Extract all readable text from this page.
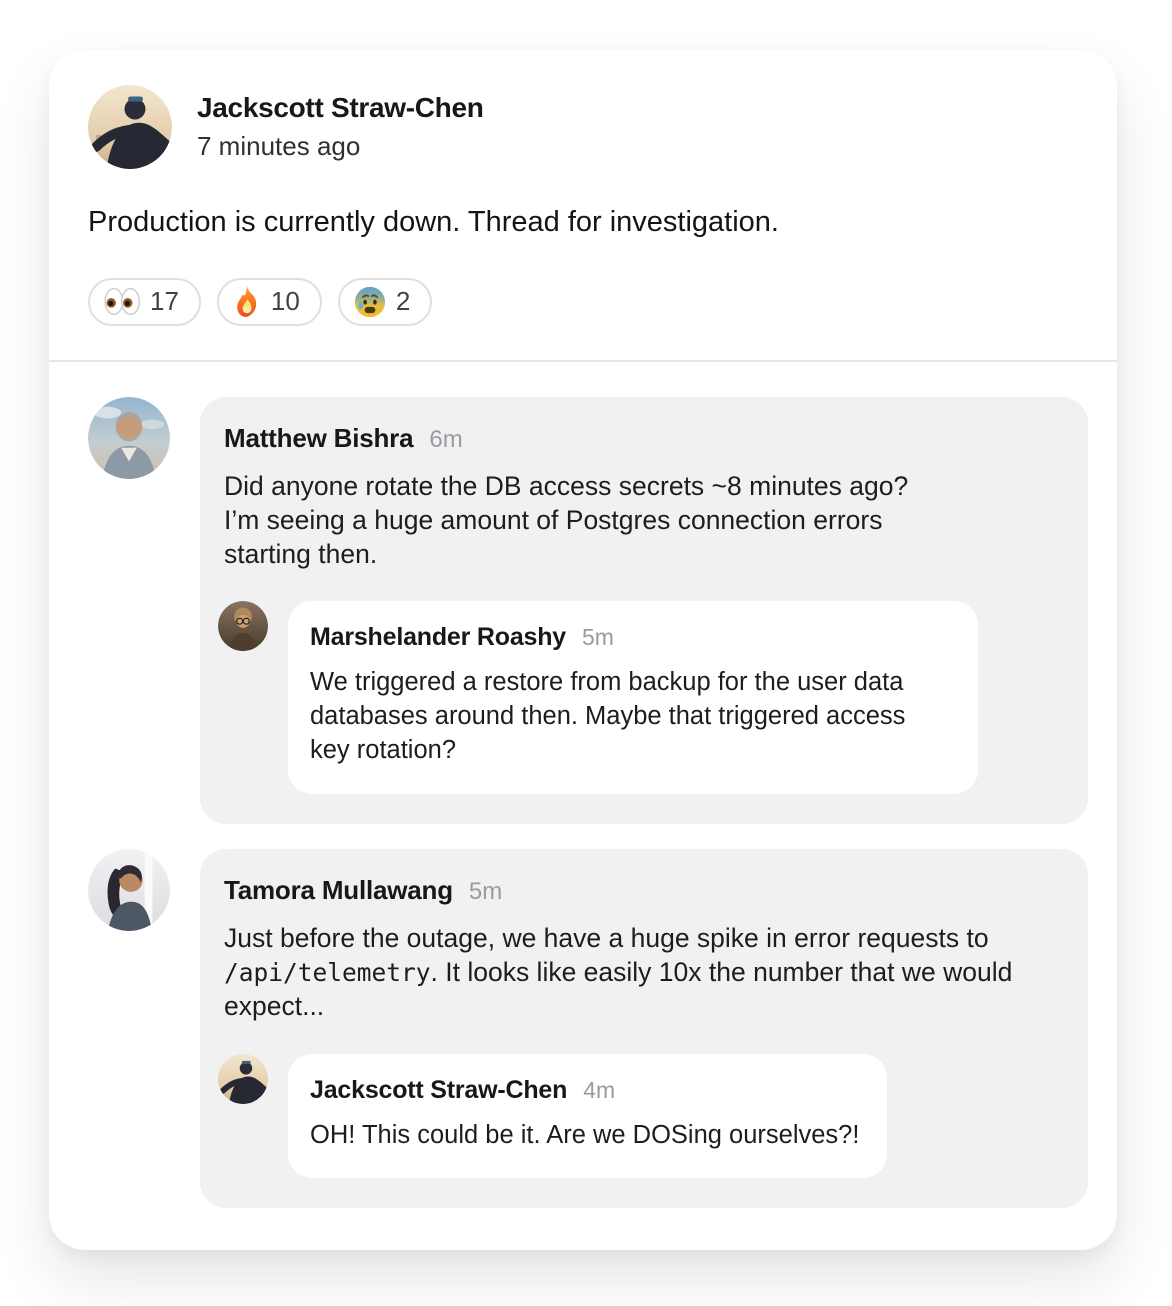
Jackscott Straw-Chen
7 minutes ago
Production is currently down. Thread for investigation.
17	10	2
Matthew Bishra 6m
Did anyone rotate the DB access secrets ~8 minutes ago? I’m seeing a huge amount of Postgres connection errors starting then.
Marshelander Roashy 5m
We triggered a restore from backup for the user data databases around then. Maybe that triggered access key rotation?
Tamora Mullawang 5m
Just before the outage, we have a huge spike in error requests to /api/telemetry. It looks like easily 10x the number that we would expect...
Jackscott Straw-Chen 4m
OH! This could be it. Are we DOSing ourselves?!
